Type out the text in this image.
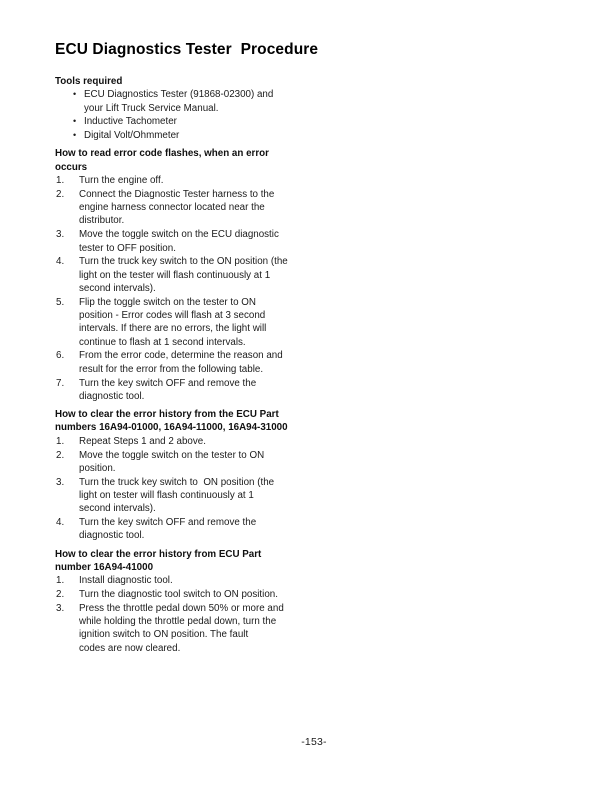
ECU Diagnostics Tester  Procedure
Tools required
• ECU Diagnostics Tester (91868-02300) and
your Lift Truck Service Manual.
• Inductive Tachometer
• Digital Volt/Ohmmeter
How to read error code flashes, when an error
occurs
1.	Turn the engine off.
2.	Connect the Diagnostic Tester harness to the
engine harness connector located near the
distributor.
3.	Move the toggle switch on the ECU diagnostic
tester to OFF position.
4.	Turn the truck key switch to the ON position (the
light on the tester will flash continuously at 1
second intervals).
5.	Flip the toggle switch on the tester to ON
position - Error codes will flash at 3 second
intervals. If there are no errors, the light will
continue to flash at 1 second intervals.
6.	From the error code, determine the reason and
result for the error from the following table.
7.	Turn the key switch OFF and remove the
diagnostic tool.
How to clear the error history from the ECU Part
numbers 16A94-01000, 16A94-11000, 16A94-31000
1.	Repeat Steps 1 and 2 above.
2.	Move the toggle switch on the tester to ON
position.
3.	Turn the truck key switch to  ON position (the
light on tester will flash continuously at 1
second intervals).
4.	Turn the key switch OFF and remove the
diagnostic tool.
How to clear the error history from ECU Part
number 16A94-41000
1.	Install diagnostic tool.
2.	Turn the diagnostic tool switch to ON position.
3.	Press the throttle pedal down 50% or more and
while holding the throttle pedal down, turn the
ignition switch to ON position. The fault
codes are now cleared.
-153-
